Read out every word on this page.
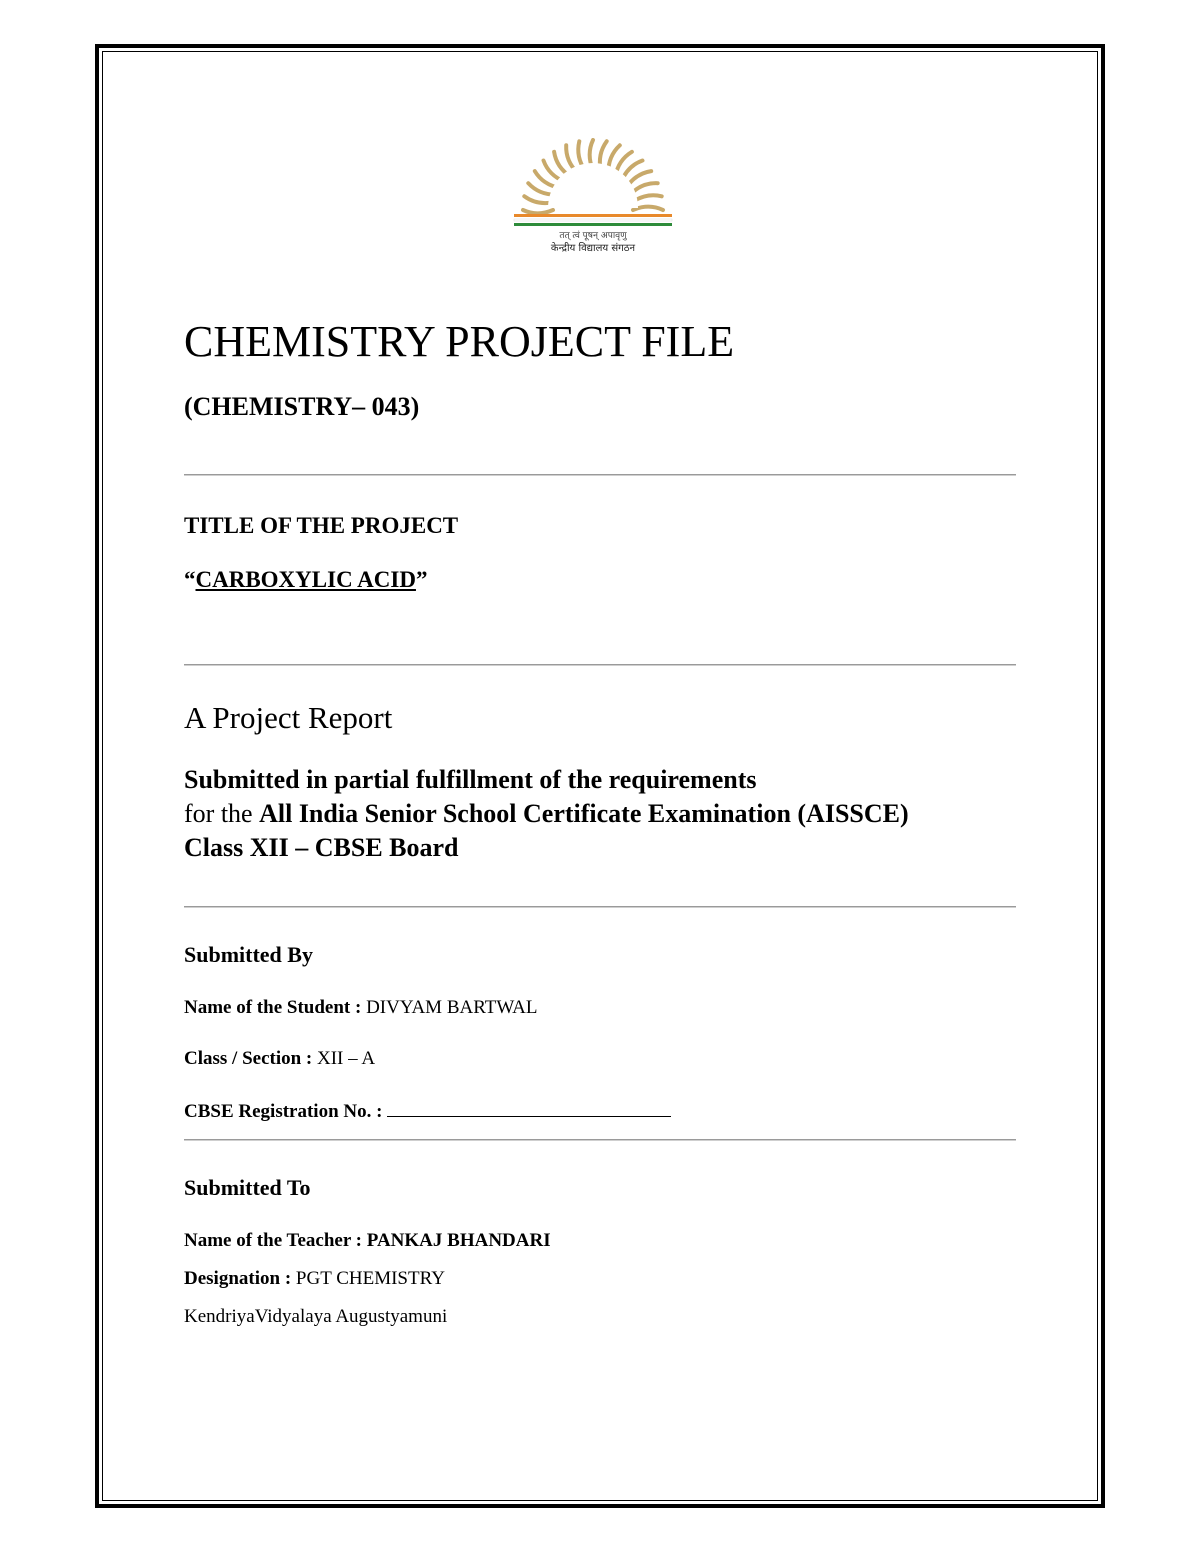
तत् त्वं पूषन् अपावृणु
केन्द्रीय विद्यालय संगठन
CHEMISTRY PROJECT FILE
(CHEMISTRY– 043)
TITLE OF THE PROJECT
“CARBOXYLIC ACID”
A Project Report
Submitted in partial fulfillment of the requirements
for the All India Senior School Certificate Examination (AISSCE)
Class XII – CBSE Board
Submitted By
Name of the Student : DIVYAM BARTWAL
Class / Section : XII – A
CBSE Registration No. :
Submitted To
Name of the Teacher : PANKAJ BHANDARI
Designation : PGT CHEMISTRY
KendriyaVidyalaya Augustyamuni
